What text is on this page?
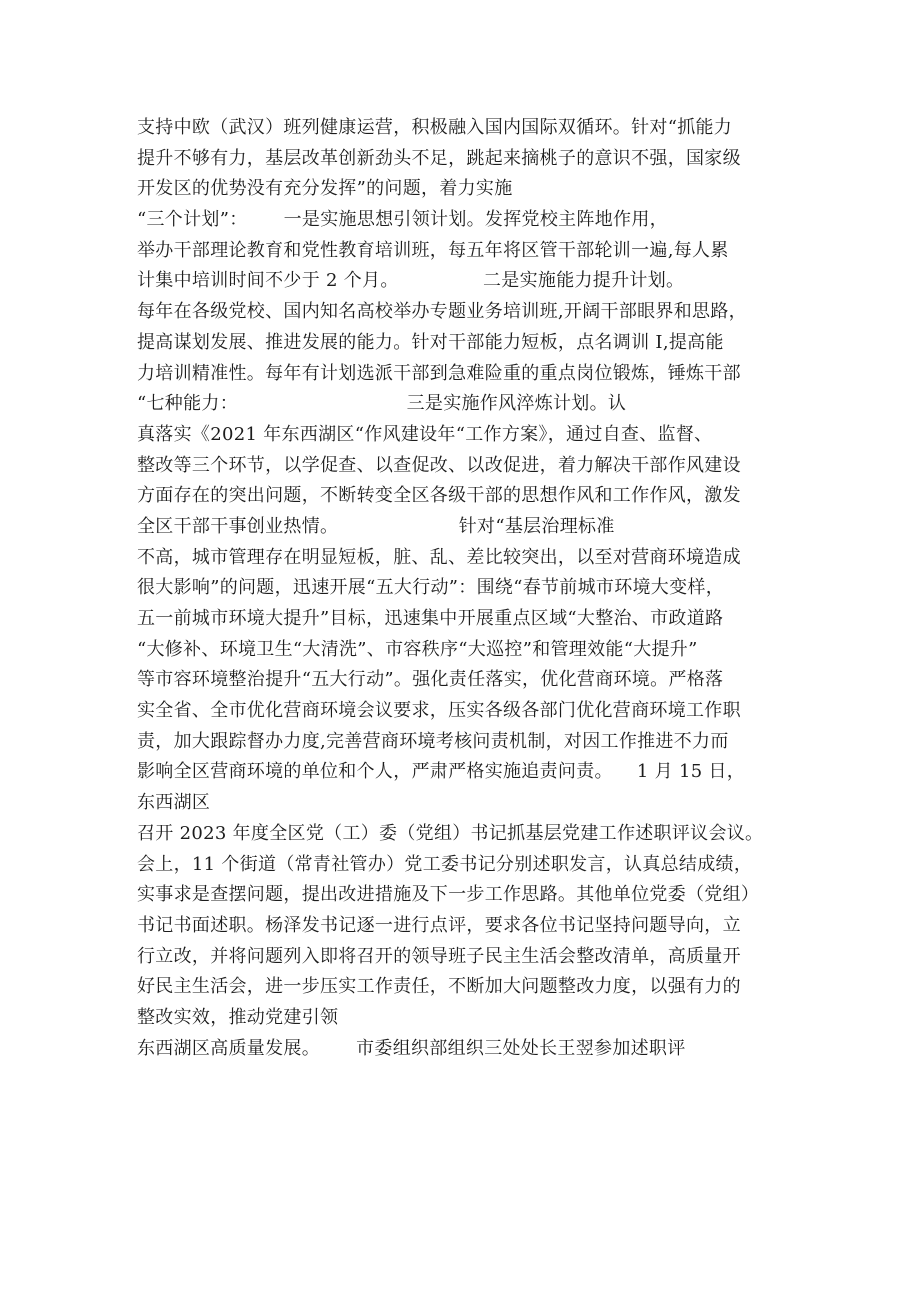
支持中欧（武汉）班列健康运营，积极融入国内国际双循环。针对“抓能力
提升不够有力，基层改革创新劲头不足，跳起来摘桃子的意识不强，国家级
开发区的优势没有充分发挥”的问题，着力实施
“三个计划”：      一是实施思想引领计划。发挥党校主阵地作用，
举办干部理论教育和党性教育培训班，每五年将区管干部轮训一遍,每人累
计集中培训时间不少于 2 个月。              二是实施能力提升计划。
每年在各级党校、国内知名高校举办专题业务培训班,开阔干部眼界和思路，
提高谋划发展、推进发展的能力。针对干部能力短板，点名调训 I,提高能
力培训精准性。每年有计划选派干部到急难险重的重点岗位锻炼，锤炼干部
“七种能力：                            三是实施作风淬炼计划。认
真落实《2021 年东西湖区“作风建设年“工作方案》，通过自查、监督、
整改等三个环节，以学促查、以查促改、以改促进，着力解决干部作风建设
方面存在的突出问题，不断转变全区各级干部的思想作风和工作作风，激发
全区干部干事创业热情。                    针对“基层治理标准
不高，城市管理存在明显短板，脏、乱、差比较突出，以至对营商环境造成
很大影响”的问题，迅速开展“五大行动”：围绕“春节前城市环境大变样，
五一前城市环境大提升”目标，迅速集中开展重点区域“大整治、市政道路
“大修补、环境卫生“大清洗”、市容秩序“大巡控”和管理效能“大提升”
等市容环境整治提升“五大行动”。强化责任落实，优化营商环境。严格落
实全省、全市优化营商环境会议要求，压实各级各部门优化营商环境工作职
责，加大跟踪督办力度,完善营商环境考核问责机制，对因工作推进不力而
影响全区营商环境的单位和个人，严肃严格实施追责问责。    1 月 15 日，
东西湖区
召开 2023 年度全区党（工）委（党组）书记抓基层党建工作述职评议会议。
会上，11 个街道（常青社管办）党工委书记分别述职发言，认真总结成绩，
实事求是查摆问题，提出改进措施及下一步工作思路。其他单位党委（党组）
书记书面述职。杨泽发书记逐一进行点评，要求各位书记坚持问题导向，立
行立改，并将问题列入即将召开的领导班子民主生活会整改清单，高质量开
好民主生活会，进一步压实工作责任，不断加大问题整改力度，以强有力的
整改实效，推动党建引领
东西湖区高质量发展。      市委组织部组织三处处长王翌参加述职评
